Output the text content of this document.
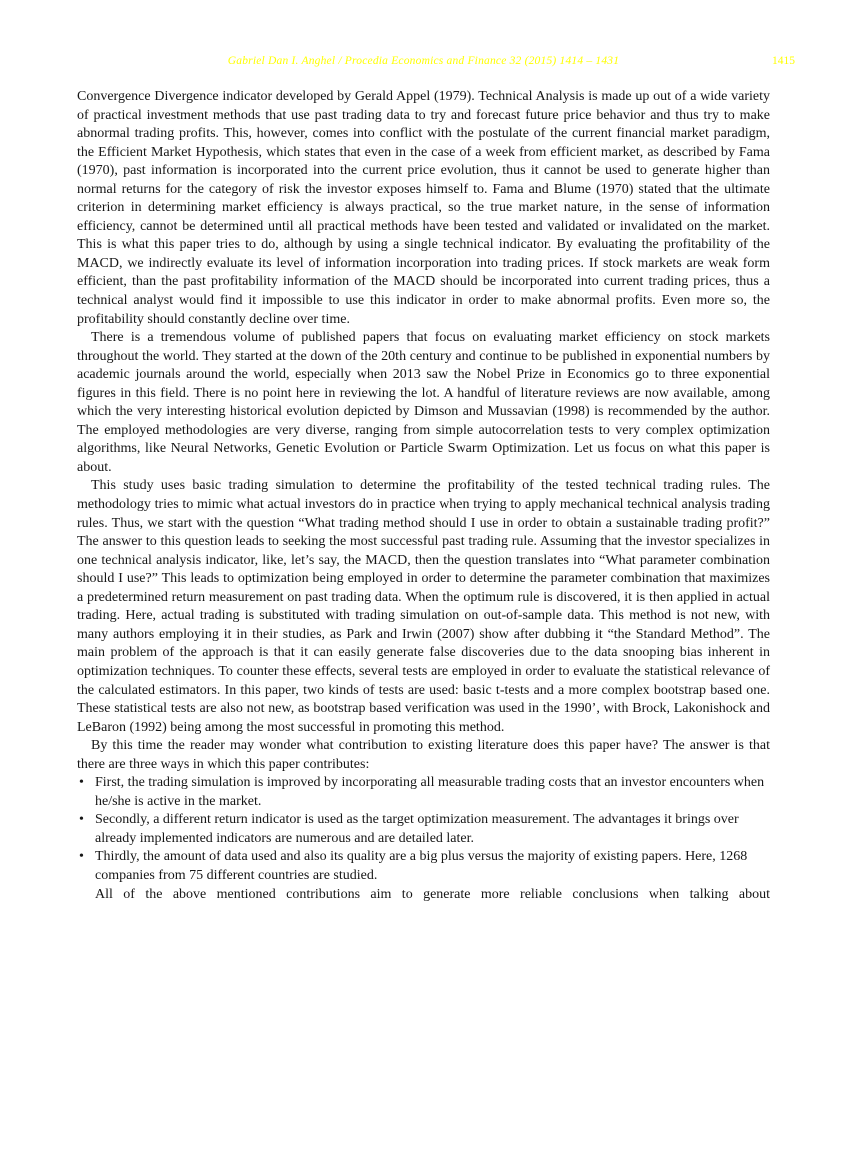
Gabriel Dan I. Anghel / Procedia Economics and Finance 32 (2015) 1414 – 1431	1415

Convergence Divergence indicator developed by Gerald Appel (1979). Technical Analysis is made up out of a wide variety of practical investment methods that use past trading data to try and forecast future price behavior and thus try to make abnormal trading profits. This, however, comes into conflict with the postulate of the current financial market paradigm, the Efficient Market Hypothesis, which states that even in the case of a week from efficient market, as described by Fama (1970), past information is incorporated into the current price evolution, thus it cannot be used to generate higher than normal returns for the category of risk the investor exposes himself to. Fama and Blume (1970) stated that the ultimate criterion in determining market efficiency is always practical, so the true market nature, in the sense of information efficiency, cannot be determined until all practical methods have been tested and validated or invalidated on the market. This is what this paper tries to do, although by using a single technical indicator. By evaluating the profitability of the MACD, we indirectly evaluate its level of information incorporation into trading prices. If stock markets are weak form efficient, than the past profitability information of the MACD should be incorporated into current trading prices, thus a technical analyst would find it impossible to use this indicator in order to make abnormal profits. Even more so, the profitability should constantly decline over time.

There is a tremendous volume of published papers that focus on evaluating market efficiency on stock markets throughout the world. They started at the down of the 20th century and continue to be published in exponential numbers by academic journals around the world, especially when 2013 saw the Nobel Prize in Economics go to three exponential figures in this field. There is no point here in reviewing the lot. A handful of literature reviews are now available, among which the very interesting historical evolution depicted by Dimson and Mussavian (1998) is recommended by the author. The employed methodologies are very diverse, ranging from simple autocorrelation tests to very complex optimization algorithms, like Neural Networks, Genetic Evolution or Particle Swarm Optimization. Let us focus on what this paper is about.

This study uses basic trading simulation to determine the profitability of the tested technical trading rules. The methodology tries to mimic what actual investors do in practice when trying to apply mechanical technical analysis trading rules. Thus, we start with the question “What trading method should I use in order to obtain a sustainable trading profit?” The answer to this question leads to seeking the most successful past trading rule. Assuming that the investor specializes in one technical analysis indicator, like, let’s say, the MACD, then the question translates into “What parameter combination should I use?” This leads to optimization being employed in order to determine the parameter combination that maximizes a predetermined return measurement on past trading data. When the optimum rule is discovered, it is then applied in actual trading. Here, actual trading is substituted with trading simulation on out-of-sample data. This method is not new, with many authors employing it in their studies, as Park and Irwin (2007) show after dubbing it “the Standard Method”. The main problem of the approach is that it can easily generate false discoveries due to the data snooping bias inherent in optimization techniques. To counter these effects, several tests are employed in order to evaluate the statistical relevance of the calculated estimators. In this paper, two kinds of tests are used: basic t-tests and a more complex bootstrap based one. These statistical tests are also not new, as bootstrap based verification was used in the 1990’, with Brock, Lakonishock and LeBaron (1992) being among the most successful in promoting this method.

By this time the reader may wonder what contribution to existing literature does this paper have? The answer is that there are three ways in which this paper contributes:

• First, the trading simulation is improved by incorporating all measurable trading costs that an investor encounters when he/she is active in the market.
• Secondly, a different return indicator is used as the target optimization measurement. The advantages it brings over already implemented indicators are numerous and are detailed later.
• Thirdly, the amount of data used and also its quality are a big plus versus the majority of existing papers. Here, 1268 companies from 75 different countries are studied.

All of the above mentioned contributions aim to generate more reliable conclusions when talking about
